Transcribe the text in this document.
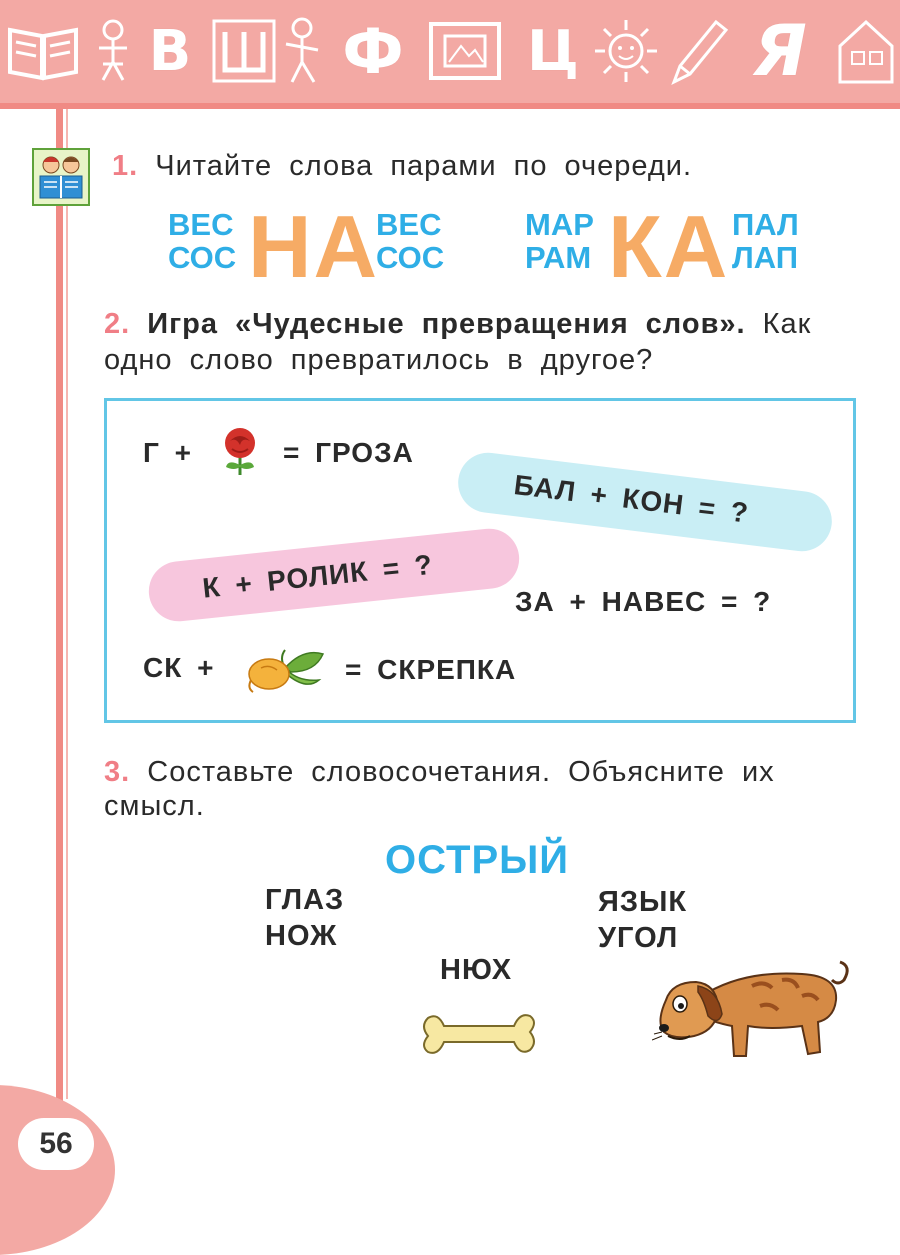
В Ф Ц Я
56
1. Читайте слова парами по очереди.
ВЕС
СОС НА
ВЕС
СОС
МАР
РАМ КА ПАЛ
ЛАП
2. Игра «Чудесные превращения слов». Как
одно слово превратилось в другое?
Г +	= ГРОЗА
БАЛ + КОН = ?
К + РОЛИК = ?	ЗА + НАВЕС = ?
СК +	= СКРЕПКА
3. Составьте словосочетания. Объясните их
смысл.
ОСТРЫЙ
ГЛАЗ
НОЖ
ЯЗЫК
УГОЛ
НЮХ
